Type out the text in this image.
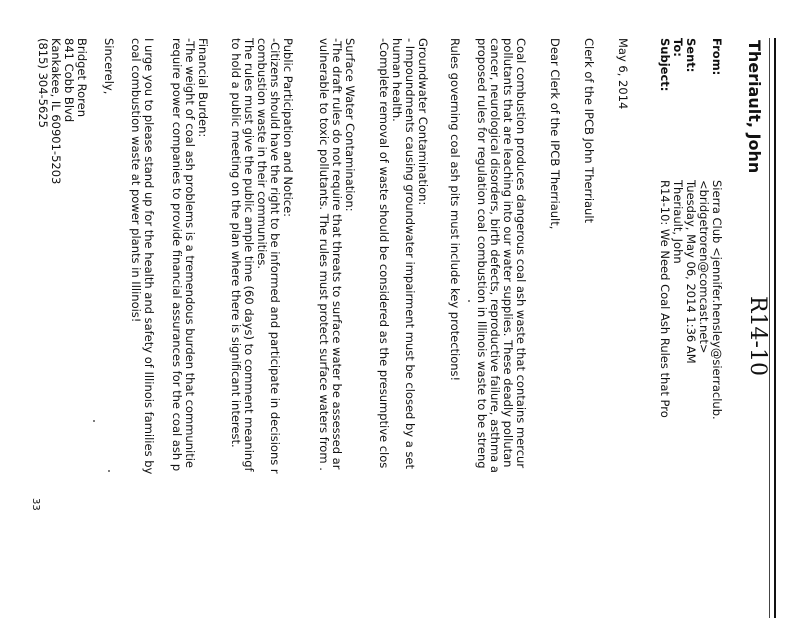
Theriault, John
R14-10
From:
Sierra Club <jennifer.hensley@sierraclub.
<bridgetroren@comcast.net>
Sent:
Tuesday, May 06, 2014 1:36 AM
To:
Theriault, John
Subject:
R14-10: We Need Coal Ash Rules that Pro
May 6, 2014
Clerk of the IPCB John Therriault
Dear Clerk of the IPCB Therriault,
Coal combustion produces dangerous coal ash waste that contains mercur
pollutants that are leaching into our water supplies. These deadly pollutan
cancer, neurological disorders, birth defects, reproductive failure, asthma a
proposed rules for regulation coal combustion in Illinois waste to be streng
Rules governing coal ash pits must include key protections!
Groundwater Contamination:
- Impoundments causing groundwater impairment must be closed by a set
human health.
-Complete removal of waste should be considered as the presumptive clos
Surface Water Contamination:
-The draft rules do not require that threats to surface water be assessed ar
vulnerable to toxic pollutants. The rules must protect surface waters from .
Public Participation and Notice:
-Citizens should have the right to be informed and participate in decisions r
combustion waste in their communities.
The rules must give the public ample time (60 days) to comment meaningf
to hold a public meeting on the plan where there is significant interest.
Financial Burden:
-The weight of coal ash problems is a tremendous burden that communitie
require power companies to provide financial assurances for the coal ash p
I urge you to please stand up for the health and safety of Illinois families by
coal combustion waste at power plants in Illinois!
Sincerely,
Bridget Roren
841 Cobb Blvd
Kankakee, IL 60901-5203
(815) 304-5625
33
